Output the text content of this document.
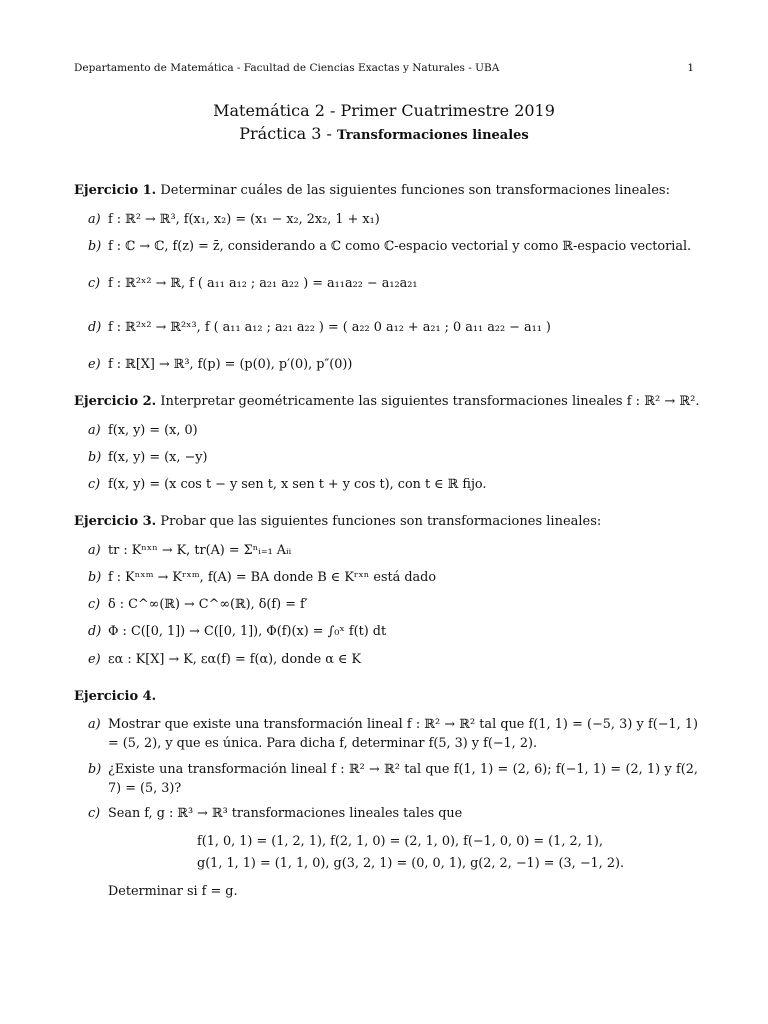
Departamento de Matemática - Facultad de Ciencias Exactas y Naturales - UBA	1
Matemática 2 - Primer Cuatrimestre 2019
Práctica 3 - Transformaciones lineales
Ejercicio 1. Determinar cuáles de las siguientes funciones son transformaciones lineales:
a) f : ℝ² → ℝ³, f(x₁, x₂) = (x₁ − x₂, 2x₂, 1 + x₁)
b) f : ℂ → ℂ, f(z) = z̄, considerando a ℂ como ℂ-espacio vectorial y como ℝ-espacio vectorial.
c) f : ℝ²ˣ² → ℝ, f ( a₁₁ a₁₂ ; a₂₁ a₂₂ ) = a₁₁a₂₂ − a₁₂a₂₁
d) f : ℝ²ˣ² → ℝ²ˣ³, f ( a₁₁ a₁₂ ; a₂₁ a₂₂ ) = ( a₂₂ 0 a₁₂ + a₂₁ ; 0 a₁₁ a₂₂ − a₁₁ )
e) f : ℝ[X] → ℝ³, f(p) = (p(0), p′(0), p″(0))
Ejercicio 2. Interpretar geométricamente las siguientes transformaciones lineales f : ℝ² → ℝ².
a) f(x, y) = (x, 0)
b) f(x, y) = (x, −y)
c) f(x, y) = (x cos t − y sen t, x sen t + y cos t), con t ∈ ℝ fijo.
Ejercicio 3. Probar que las siguientes funciones son transformaciones lineales:
a) tr : Kⁿˣⁿ → K, tr(A) = Σⁿᵢ₌₁ Aᵢᵢ
b) f : Kⁿˣᵐ → Kʳˣᵐ, f(A) = BA donde B ∈ Kʳˣⁿ está dado
c) δ : C^∞(ℝ) → C^∞(ℝ), δ(f) = f′
d) Φ : C([0, 1]) → C([0, 1]), Φ(f)(x) = ∫₀ˣ f(t) dt
e) εα : K[X] → K, εα(f) = f(α), donde α ∈ K
Ejercicio 4.
a) Mostrar que existe una transformación lineal f : ℝ² → ℝ² tal que f(1, 1) = (−5, 3) y f(−1, 1) = (5, 2), y que es única. Para dicha f, determinar f(5, 3) y f(−1, 2).
b) ¿Existe una transformación lineal f : ℝ² → ℝ² tal que f(1, 1) = (2, 6); f(−1, 1) = (2, 1) y f(2, 7) = (5, 3)?
c) Sean f, g : ℝ³ → ℝ³ transformaciones lineales tales que
f(1, 0, 1) = (1, 2, 1), f(2, 1, 0) = (2, 1, 0), f(−1, 0, 0) = (1, 2, 1),
g(1, 1, 1) = (1, 1, 0), g(3, 2, 1) = (0, 0, 1), g(2, 2, −1) = (3, −1, 2).
Determinar si f = g.
